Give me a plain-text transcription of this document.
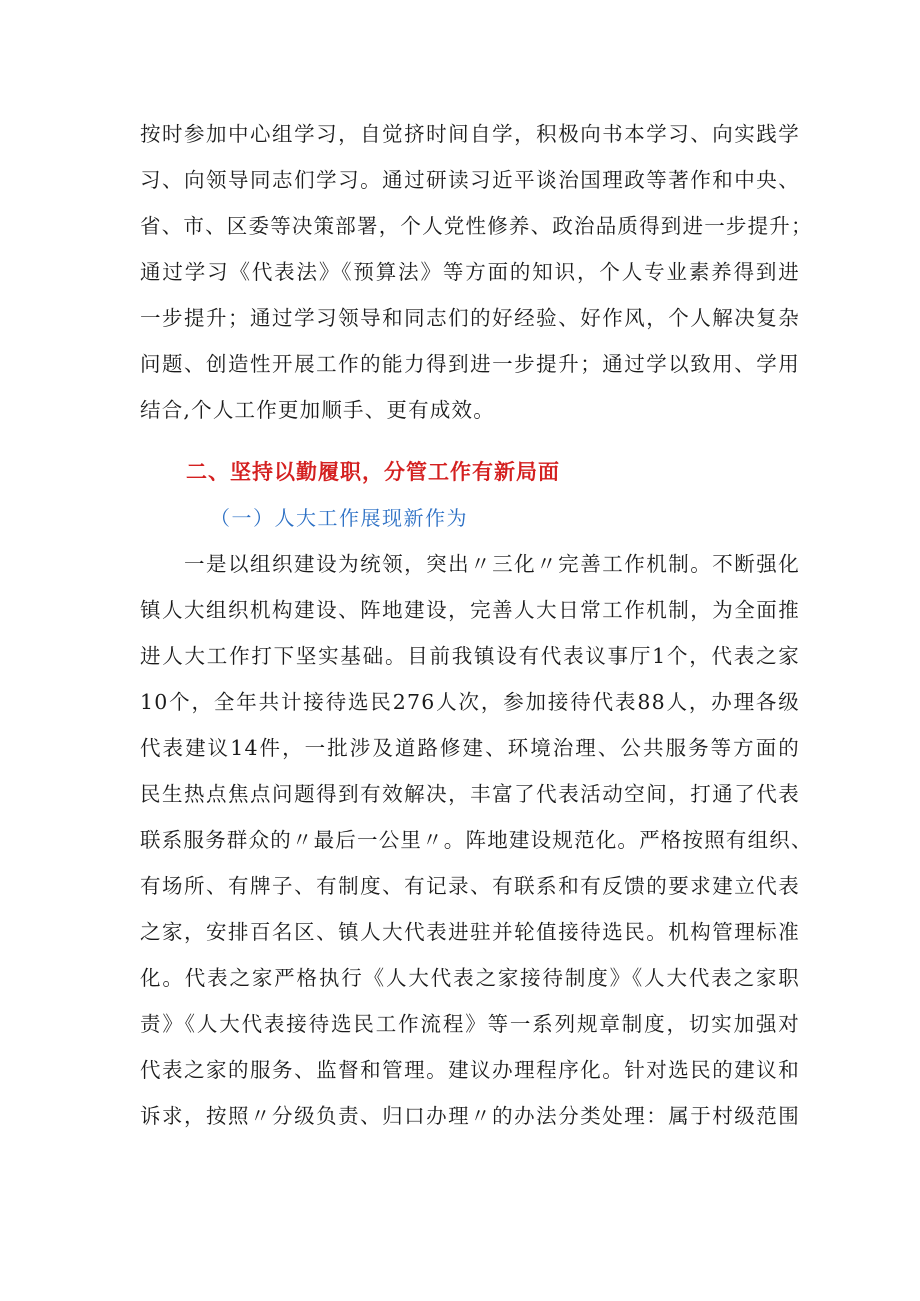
按时参加中心组学习，自觉挤时间自学，积极向书本学习、向实践学
习、向领导同志们学习。通过研读习近平谈治国理政等著作和中央、
省、市、区委等决策部署，个人党性修养、政治品质得到进一步提升；
通过学习《代表法》《预算法》等方面的知识，个人专业素养得到进
一步提升；通过学习领导和同志们的好经验、好作风，个人解决复杂
问题、创造性开展工作的能力得到进一步提升；通过学以致用、学用
结合,个人工作更加顺手、更有成效。
二、坚持以勤履职，分管工作有新局面
（一）人大工作展现新作为
一是以组织建设为统领，突出〃三化〃完善工作机制。不断强化
镇人大组织机构建设、阵地建设，完善人大日常工作机制，为全面推
进人大工作打下坚实基础。目前我镇设有代表议事厅1个，代表之家
10个，全年共计接待选民276人次，参加接待代表88人，办理各级
代表建议14件，一批涉及道路修建、环境治理、公共服务等方面的
民生热点焦点问题得到有效解决，丰富了代表活动空间，打通了代表
联系服务群众的〃最后一公里〃。阵地建设规范化。严格按照有组织、
有场所、有牌子、有制度、有记录、有联系和有反馈的要求建立代表
之家，安排百名区、镇人大代表进驻并轮值接待选民。机构管理标准
化。代表之家严格执行《人大代表之家接待制度》《人大代表之家职
责》《人大代表接待选民工作流程》等一系列规章制度，切实加强对
代表之家的服务、监督和管理。建议办理程序化。针对选民的建议和
诉求，按照〃分级负责、归口办理〃的办法分类处理：属于村级范围
